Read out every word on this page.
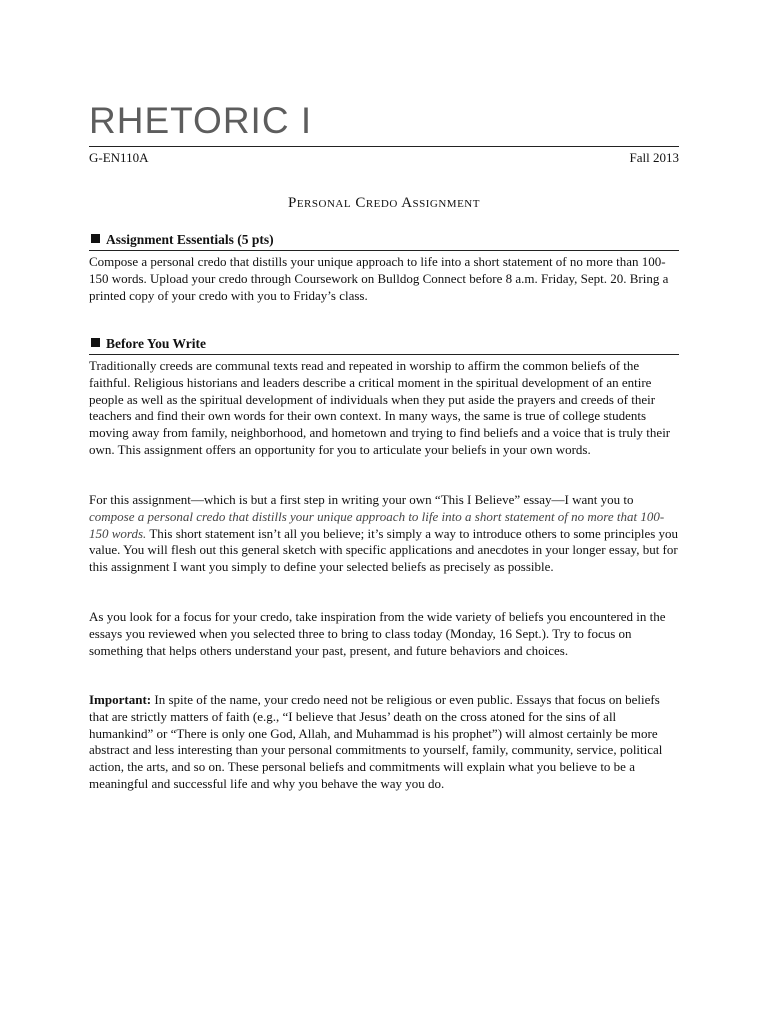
RHETORIC I
G-EN110A	Fall 2013
Personal Credo Assignment
Assignment Essentials (5 pts)

Compose a personal credo that distills your unique approach to life into a short statement of no more than 100-150 words. Upload your credo through Coursework on Bulldog Connect before 8 a.m. Friday, Sept. 20. Bring a printed copy of your credo with you to Friday’s class.

Before You Write

Traditionally creeds are communal texts read and repeated in worship to affirm the common beliefs of the faithful. Religious historians and leaders describe a critical moment in the spiritual development of an entire people as well as the spiritual development of individuals when they put aside the prayers and creeds of their teachers and find their own words for their own context. In many ways, the same is true of college students moving away from family, neighborhood, and hometown and trying to find beliefs and a voice that is truly their own. This assignment offers an opportunity for you to articulate your beliefs in your own words.

For this assignment—which is but a first step in writing your own “This I Believe” essay—I want you to compose a personal credo that distills your unique approach to life into a short statement of no more that 100-150 words. This short statement isn’t all you believe; it’s simply a way to introduce others to some principles you value. You will flesh out this general sketch with specific applications and anecdotes in your longer essay, but for this assignment I want you simply to define your selected beliefs as precisely as possible.

As you look for a focus for your credo, take inspiration from the wide variety of beliefs you encountered in the essays you reviewed when you selected three to bring to class today (Monday, 16 Sept.). Try to focus on something that helps others understand your past, present, and future behaviors and choices.

Important: In spite of the name, your credo need not be religious or even public. Essays that focus on beliefs that are strictly matters of faith (e.g., “I believe that Jesus’ death on the cross atoned for the sins of all humankind” or “There is only one God, Allah, and Muhammad is his prophet”) will almost certainly be more abstract and less interesting than your personal commitments to yourself, family, community, service, political action, the arts, and so on. These personal beliefs and commitments will explain what you believe to be a meaningful and successful life and why you behave the way you do.
